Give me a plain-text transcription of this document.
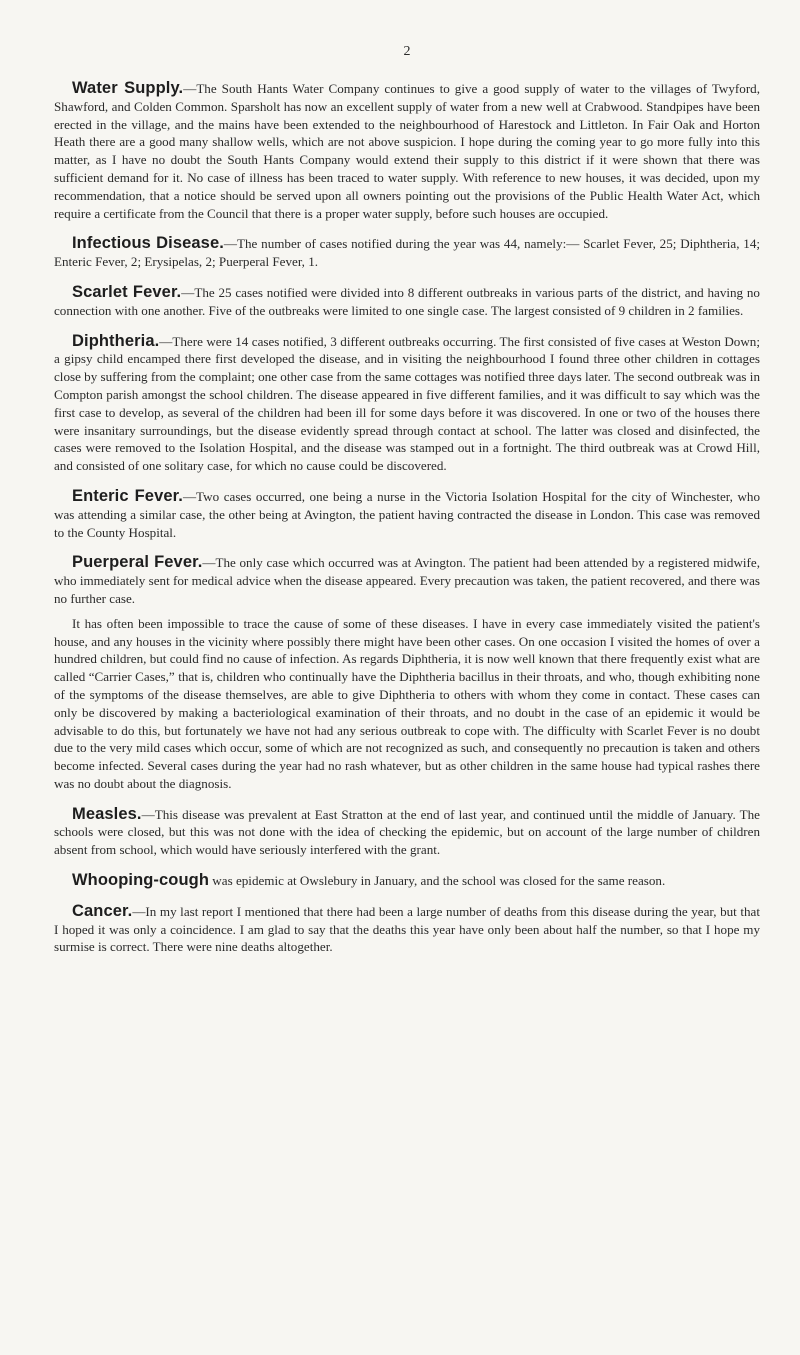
2

Water Supply.—The South Hants Water Company continues to give a good supply of water to the villages of Twyford, Shawford, and Colden Common. Sparsholt has now an excellent supply of water from a new well at Crabwood. Standpipes have been erected in the village, and the mains have been extended to the neighbourhood of Harestock and Littleton. In Fair Oak and Horton Heath there are a good many shallow wells, which are not above suspicion. I hope during the coming year to go more fully into this matter, as I have no doubt the South Hants Company would extend their supply to this district if it were shown that there was sufficient demand for it. No case of illness has been traced to water supply. With reference to new houses, it was decided, upon my recommendation, that a notice should be served upon all owners pointing out the provisions of the Public Health Water Act, which require a certificate from the Council that there is a proper water supply, before such houses are occupied.

Infectious Disease.—The number of cases notified during the year was 44, namely:— Scarlet Fever, 25; Diphtheria, 14; Enteric Fever, 2; Erysipelas, 2; Puerperal Fever, 1.

Scarlet Fever.—The 25 cases notified were divided into 8 different outbreaks in various parts of the district, and having no connection with one another. Five of the outbreaks were limited to one single case. The largest consisted of 9 children in 2 families.

Diphtheria.—There were 14 cases notified, 3 different outbreaks occurring. The first consisted of five cases at Weston Down; a gipsy child encamped there first developed the disease, and in visiting the neighbourhood I found three other children in cottages close by suffering from the complaint; one other case from the same cottages was notified three days later. The second outbreak was in Compton parish amongst the school children. The disease appeared in five different families, and it was difficult to say which was the first case to develop, as several of the children had been ill for some days before it was discovered. In one or two of the houses there were insanitary surroundings, but the disease evidently spread through contact at school. The latter was closed and disinfected, the cases were removed to the Isolation Hospital, and the disease was stamped out in a fortnight. The third outbreak was at Crowd Hill, and consisted of one solitary case, for which no cause could be discovered.

Enteric Fever.—Two cases occurred, one being a nurse in the Victoria Isolation Hospital for the city of Winchester, who was attending a similar case, the other being at Avington, the patient having contracted the disease in London. This case was removed to the County Hospital.

Puerperal Fever.—The only case which occurred was at Avington. The patient had been attended by a registered midwife, who immediately sent for medical advice when the disease appeared. Every precaution was taken, the patient recovered, and there was no further case.

It has often been impossible to trace the cause of some of these diseases. I have in every case immediately visited the patient's house, and any houses in the vicinity where possibly there might have been other cases. On one occasion I visited the homes of over a hundred children, but could find no cause of infection. As regards Diphtheria, it is now well known that there frequently exist what are called “Carrier Cases,” that is, children who continually have the Diphtheria bacillus in their throats, and who, though exhibiting none of the symptoms of the disease themselves, are able to give Diphtheria to others with whom they come in contact. These cases can only be discovered by making a bacteriological examination of their throats, and no doubt in the case of an epidemic it would be advisable to do this, but fortunately we have not had any serious outbreak to cope with. The difficulty with Scarlet Fever is no doubt due to the very mild cases which occur, some of which are not recognized as such, and consequently no precaution is taken and others become infected. Several cases during the year had no rash whatever, but as other children in the same house had typical rashes there was no doubt about the diagnosis.

Measles.—This disease was prevalent at East Stratton at the end of last year, and continued until the middle of January. The schools were closed, but this was not done with the idea of checking the epidemic, but on account of the large number of children absent from school, which would have seriously interfered with the grant.

Whooping-cough was epidemic at Owslebury in January, and the school was closed for the same reason.

Cancer.—In my last report I mentioned that there had been a large number of deaths from this disease during the year, but that I hoped it was only a coincidence. I am glad to say that the deaths this year have only been about half the number, so that I hope my surmise is correct. There were nine deaths altogether.
